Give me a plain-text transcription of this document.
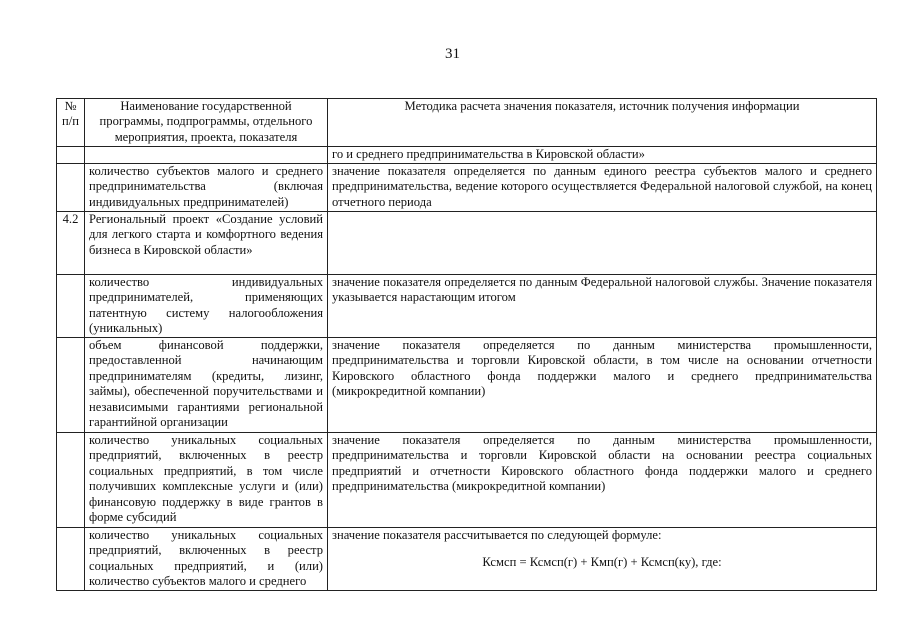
31
№ п/п	Наименование государственной программы, подпрограммы, отдельного мероприятия, проекта, показателя	Методика расчета значения показателя, источник получения информации
		го и среднего предпринимательства в Кировской области»
	количество субъектов малого и среднего предпринимательства (включая индивидуальных предпринимателей)	значение показателя определяется по данным единого реестра субъектов малого и среднего предпринимательства, ведение которого осуществляется Федеральной налоговой службой, на конец отчетного периода
4.2	Региональный проект «Создание условий для легкого старта и комфортного ведения бизнеса в Кировской области»	
	количество индивидуальных предпринимателей, применяющих патентную систему налогообложения (уникальных)	значение показателя определяется по данным Федеральной налоговой службы. Значение показателя указывается нарастающим итогом
	объем финансовой поддержки, предоставленной начинающим предпринимателям (кредиты, лизинг, займы), обеспеченной поручительствами и независимыми гарантиями региональной гарантийной организации	значение показателя определяется по данным министерства промышленности, предпринимательства и торговли Кировской области, в том числе на основании отчетности Кировского областного фонда поддержки малого и среднего предпринимательства (микрокредитной компании)
	количество уникальных социальных предприятий, включенных в реестр социальных предприятий, в том числе получивших комплексные услуги и (или) финансовую поддержку в виде грантов в форме субсидий	значение показателя определяется по данным министерства промышленности, предпринимательства и торговли Кировской области на основании реестра социальных предприятий и отчетности Кировского областного фонда поддержки малого и среднего предпринимательства (микрокредитной компании)
	количество уникальных социальных предприятий, включенных в реестр социальных предприятий, и (или) количество субъектов малого и среднего	значение показателя рассчитывается по следующей формуле:
Ксмсп = Ксмсп(г) + Кмп(г) + Ксмсп(ку), где:
